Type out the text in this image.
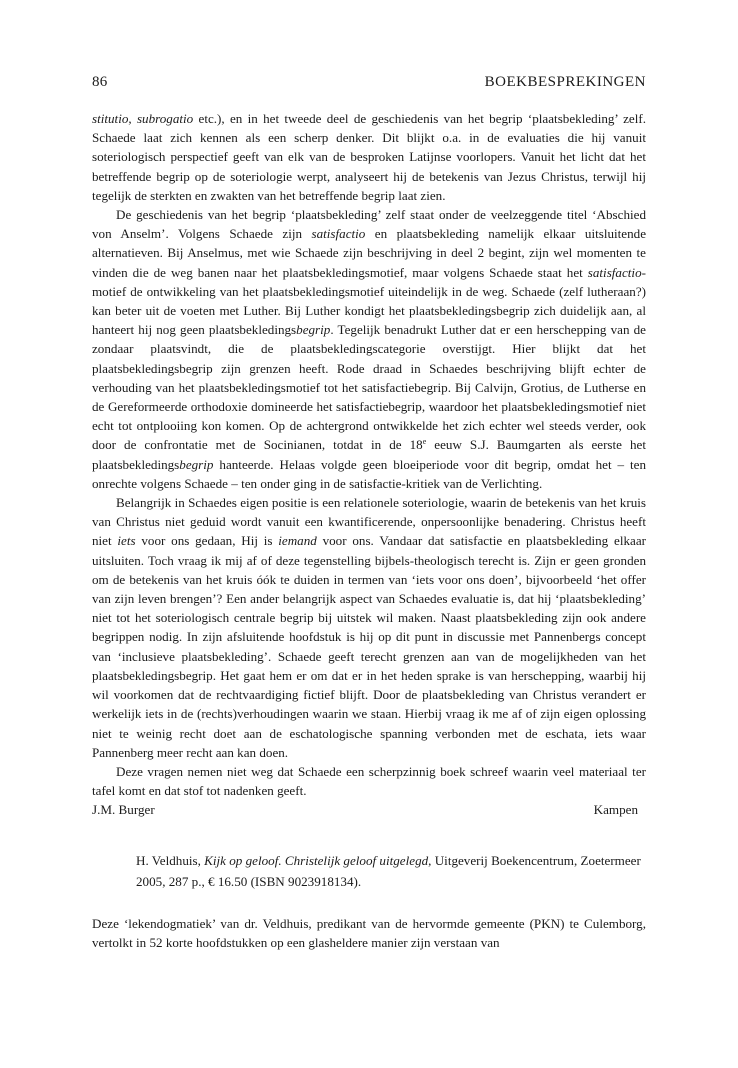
86	BOEKBESPREKINGEN

stitutio, subrogatio etc.), en in het tweede deel de geschiedenis van het begrip ‘plaatsbekleding’ zelf. Schaede laat zich kennen als een scherp denker. Dit blijkt o.a. in de evaluaties die hij vanuit soteriologisch perspectief geeft van elk van de besproken Latijnse voorlopers. Vanuit het licht dat het betreffende begrip op de soteriologie werpt, analyseert hij de betekenis van Jezus Christus, terwijl hij tegelijk de sterkten en zwakten van het betreffende begrip laat zien.

De geschiedenis van het begrip ‘plaatsbekleding’ zelf staat onder de veelzeggende titel ‘Abschied von Anselm’. Volgens Schaede zijn satisfactio en plaatsbekleding namelijk elkaar uitsluitende alternatieven. Bij Anselmus, met wie Schaede zijn beschrijving in deel 2 begint, zijn wel momenten te vinden die de weg banen naar het plaatsbekledingsmotief, maar volgens Schaede staat het satisfactio-motief de ontwikkeling van het plaatsbekledingsmotief uiteindelijk in de weg. Schaede (zelf lutheraan?) kan beter uit de voeten met Luther. Bij Luther kondigt het plaatsbekledingsbegrip zich duidelijk aan, al hanteert hij nog geen plaatsbekledingsbegrip. Tegelijk benadrukt Luther dat er een herschepping van de zondaar plaatsvindt, die de plaatsbekledingscategorie overstijgt. Hier blijkt dat het plaatsbekledingsbegrip zijn grenzen heeft. Rode draad in Schaedes beschrijving blijft echter de verhouding van het plaatsbekledingsmotief tot het satisfactiebegrip. Bij Calvijn, Grotius, de Lutherse en de Gereformeerde orthodoxie domineerde het satisfactiebegrip, waardoor het plaatsbekledingsmotief niet echt tot ontplooiing kon komen. Op de achtergrond ontwikkelde het zich echter wel steeds verder, ook door de confrontatie met de Socinianen, totdat in de 18e eeuw S.J. Baumgarten als eerste het plaatsbekledingsbegrip hanteerde. Helaas volgde geen bloeiperiode voor dit begrip, omdat het – ten onrechte volgens Schaede – ten onder ging in de satisfactie-kritiek van de Verlichting.

Belangrijk in Schaedes eigen positie is een relationele soteriologie, waarin de betekenis van het kruis van Christus niet geduid wordt vanuit een kwantificerende, onpersoonlijke benadering. Christus heeft niet iets voor ons gedaan, Hij is iemand voor ons. Vandaar dat satisfactie en plaatsbekleding elkaar uitsluiten. Toch vraag ik mij af of deze tegenstelling bijbels-theologisch terecht is. Zijn er geen gronden om de betekenis van het kruis óók te duiden in termen van ‘iets voor ons doen’, bijvoorbeeld ‘het offer van zijn leven brengen’? Een ander belangrijk aspect van Schaedes evaluatie is, dat hij ‘plaatsbekleding’ niet tot het soteriologisch centrale begrip bij uitstek wil maken. Naast plaatsbekleding zijn ook andere begrippen nodig. In zijn afsluitende hoofdstuk is hij op dit punt in discussie met Pannenbergs concept van ‘inclusieve plaatsbekleding’. Schaede geeft terecht grenzen aan van de mogelijkheden van het plaatsbekledingsbegrip. Het gaat hem er om dat er in het heden sprake is van herschepping, waarbij hij wil voorkomen dat de rechtvaardiging fictief blijft. Door de plaatsbekleding van Christus verandert er werkelijk iets in de (rechts)verhoudingen waarin we staan. Hierbij vraag ik me af of zijn eigen oplossing niet te weinig recht doet aan de eschatologische spanning verbonden met de eschata, iets waar Pannenberg meer recht aan kan doen.

Deze vragen nemen niet weg dat Schaede een scherpzinnig boek schreef waarin veel materiaal ter tafel komt en dat stof tot nadenken geeft.

J.M. Burger	Kampen
H. Veldhuis, Kijk op geloof. Christelijk geloof uitgelegd, Uitgeverij Boekencentrum, Zoetermeer 2005, 287 p., € 16.50 (ISBN 9023918134).

Deze ‘lekendogmatiek’ van dr. Veldhuis, predikant van de hervormde gemeente (PKN) te Culemborg, vertolkt in 52 korte hoofdstukken op een glasheldere manier zijn verstaan van
